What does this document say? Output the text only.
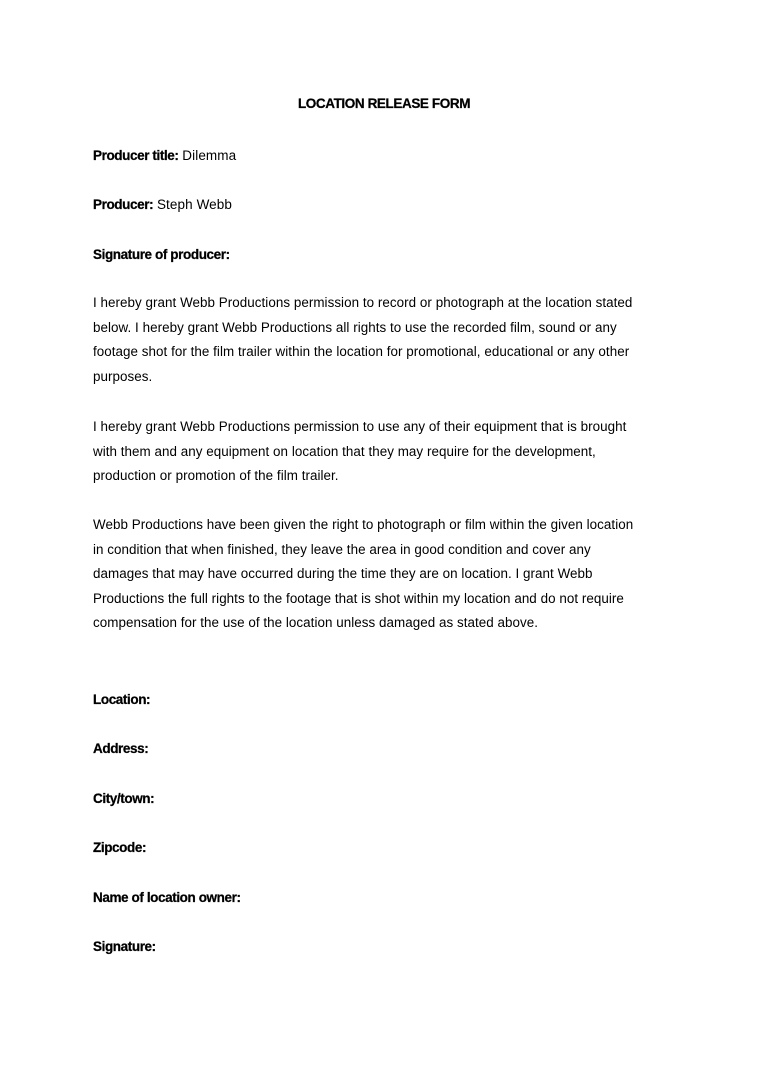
LOCATION RELEASE FORM
Producer title: Dilemma
Producer: Steph Webb
Signature of producer:
I hereby grant Webb Productions permission to record or photograph at the location stated
below. I hereby grant Webb Productions all rights to use the recorded film, sound or any
footage shot for the film trailer within the location for promotional, educational or any other
purposes.
I hereby grant Webb Productions permission to use any of their equipment that is brought
with them and any equipment on location that they may require for the development,
production or promotion of the film trailer.
Webb Productions have been given the right to photograph or film within the given location
in condition that when finished, they leave the area in good condition and cover any
damages that may have occurred during the time they are on location. I grant Webb
Productions the full rights to the footage that is shot within my location and do not require
compensation for the use of the location unless damaged as stated above.
Location:
Address:
City/town:
Zipcode:
Name of location owner:
Signature:
